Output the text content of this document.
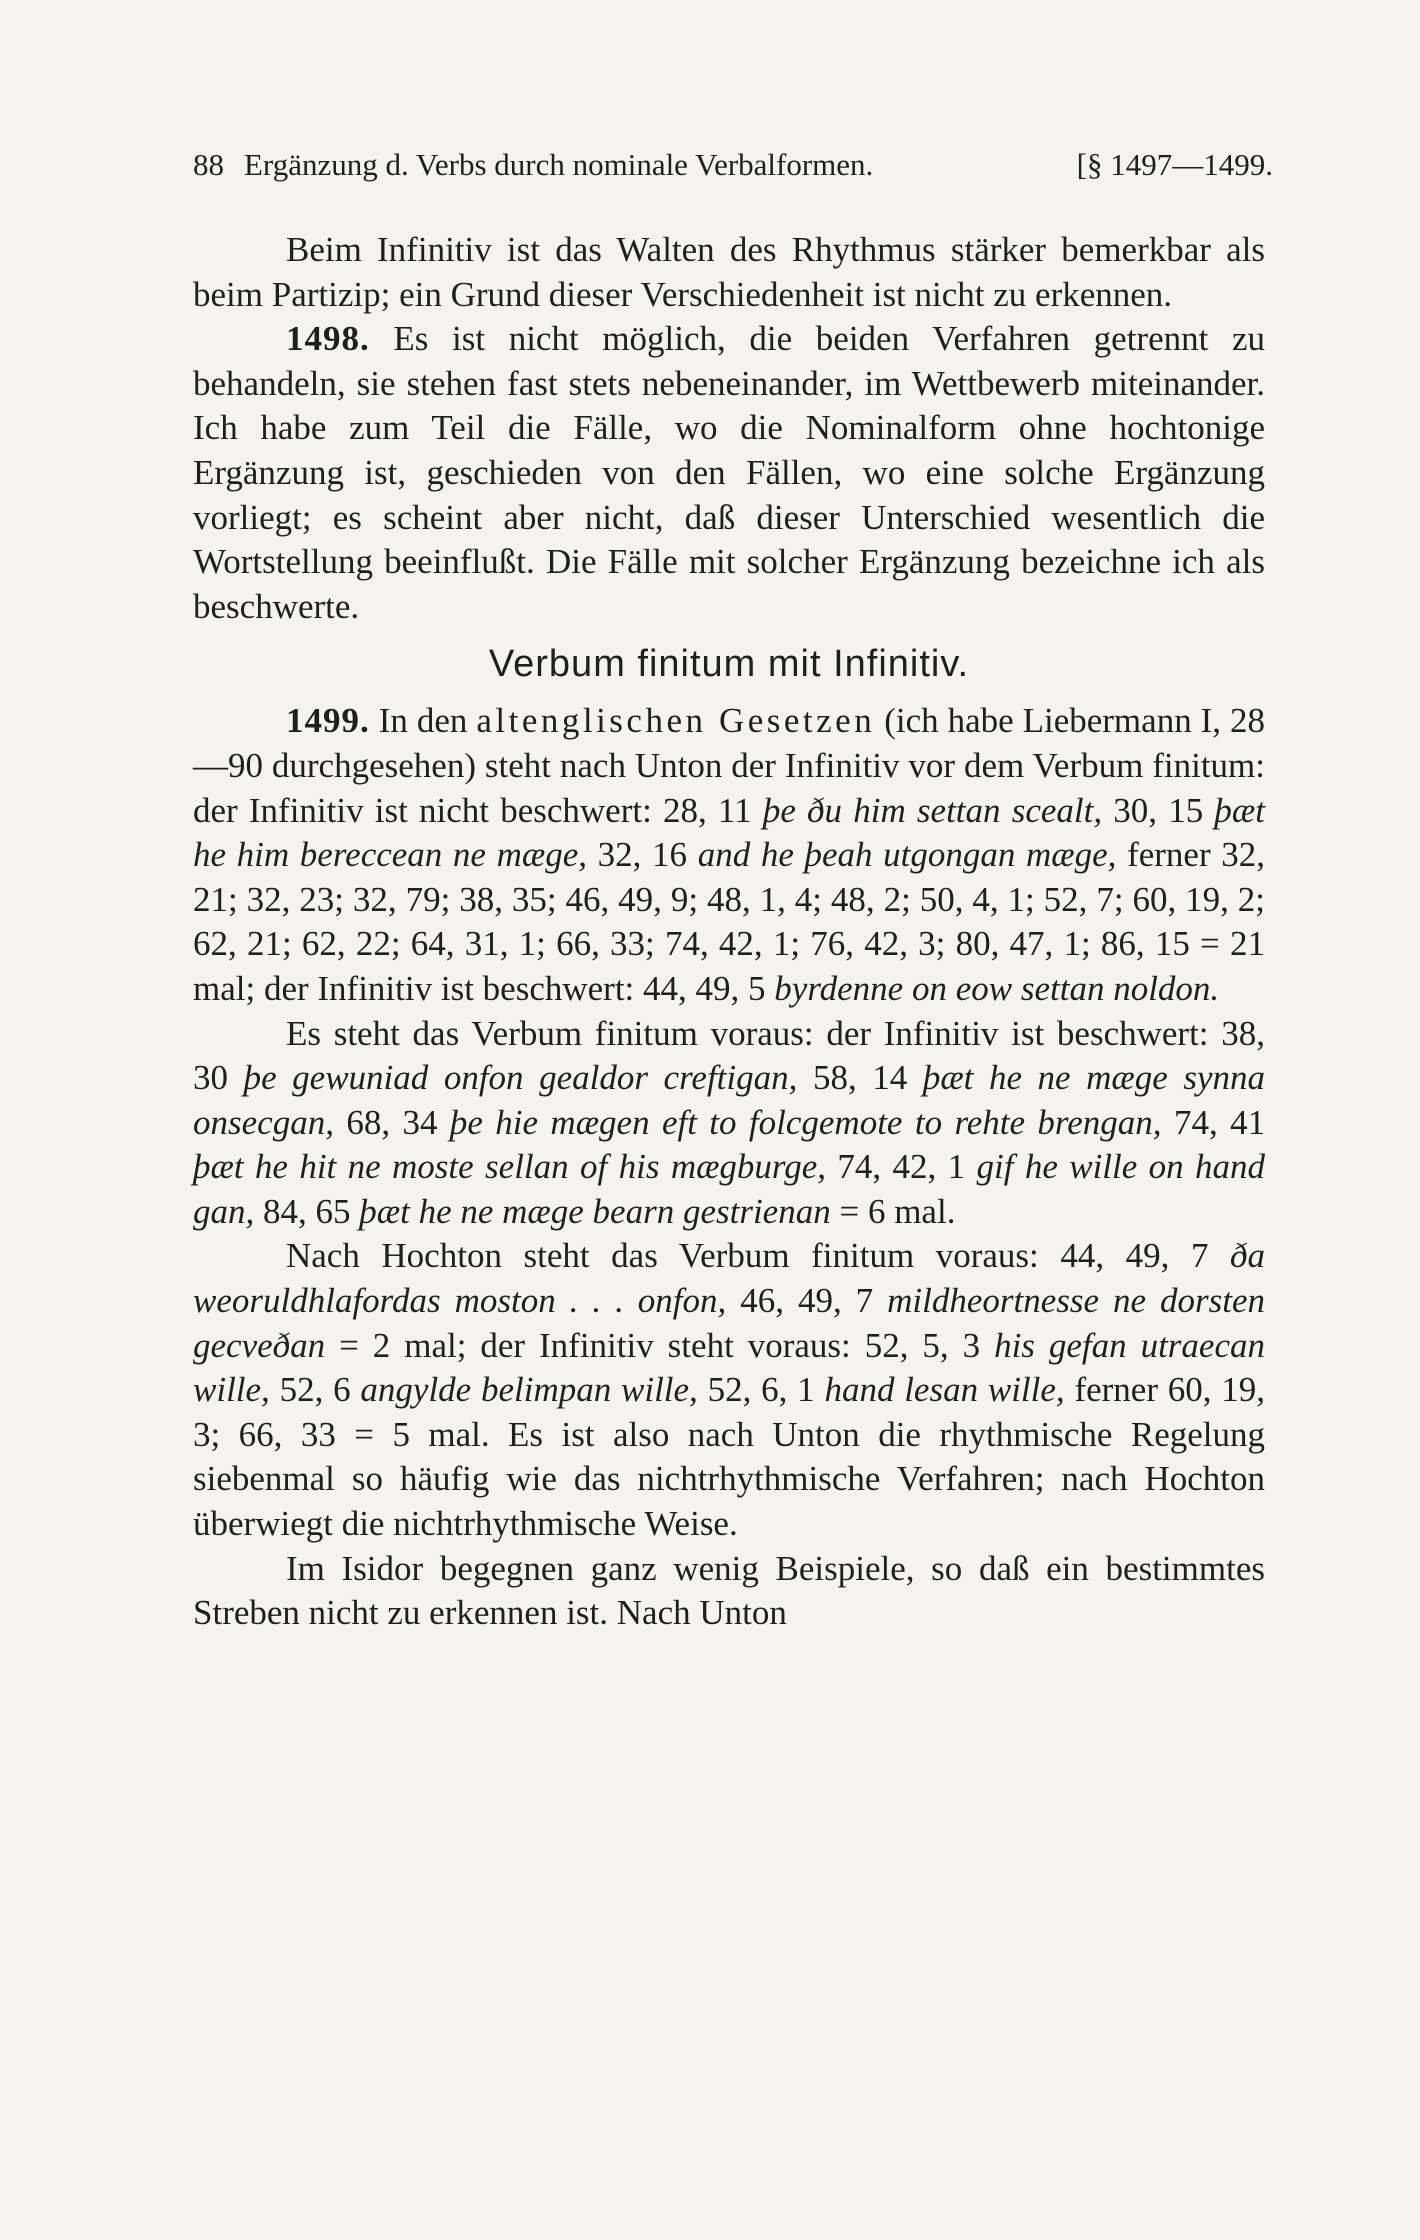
88 Ergänzung d. Verbs durch nominale Verbalformen.	[§ 1497—1499.

Beim Infinitiv ist das Walten des Rhythmus stärker bemerkbar als beim Partizip; ein Grund dieser Verschiedenheit ist nicht zu erkennen.

1498. Es ist nicht möglich, die beiden Verfahren getrennt zu behandeln, sie stehen fast stets nebeneinander, im Wettbewerb miteinander. Ich habe zum Teil die Fälle, wo die Nominalform ohne hochtonige Ergänzung ist, geschieden von den Fällen, wo eine solche Ergänzung vorliegt; es scheint aber nicht, daß dieser Unterschied wesentlich die Wortstellung beeinflußt. Die Fälle mit solcher Ergänzung bezeichne ich als beschwerte.

Verbum finitum mit Infinitiv.

1499. In den altenglischen Gesetzen (ich habe Liebermann I, 28—90 durchgesehen) steht nach Unton der Infinitiv vor dem Verbum finitum: der Infinitiv ist nicht beschwert: 28, 11 þe ðu him settan scealt, 30, 15 þæt he him bereccean ne mæge, 32, 16 and he þeah utgongan mæge, ferner 32, 21; 32, 23; 32, 79; 38, 35; 46, 49, 9; 48, 1, 4; 48, 2; 50, 4, 1; 52, 7; 60, 19, 2; 62, 21; 62, 22; 64, 31, 1; 66, 33; 74, 42, 1; 76, 42, 3; 80, 47, 1; 86, 15 = 21 mal; der Infinitiv ist beschwert: 44, 49, 5 byrdenne on eow settan noldon.

Es steht das Verbum finitum voraus: der Infinitiv ist beschwert: 38, 30 þe gewuniad onfon gealdor creftigan, 58, 14 þæt he ne mæge synna onsecgan, 68, 34 þe hie mægen eft to folcgemote to rehte brengan, 74, 41 þæt he hit ne moste sellan of his mægburge, 74, 42, 1 gif he wille on hand gan, 84, 65 þæt he ne mæge bearn gestrienan = 6 mal.

Nach Hochton steht das Verbum finitum voraus: 44, 49, 7 ða weoruldhlafordas moston . . . onfon, 46, 49, 7 mildheortnesse ne dorsten gecveðan = 2 mal; der Infinitiv steht voraus: 52, 5, 3 his gefan utraecan wille, 52, 6 angylde belimpan wille, 52, 6, 1 hand lesan wille, ferner 60, 19, 3; 66, 33 = 5 mal. Es ist also nach Unton die rhythmische Regelung siebenmal so häufig wie das nichtrhythmische Verfahren; nach Hochton überwiegt die nichtrhythmische Weise.

Im Isidor begegnen ganz wenig Beispiele, so daß ein bestimmtes Streben nicht zu erkennen ist. Nach Unton
